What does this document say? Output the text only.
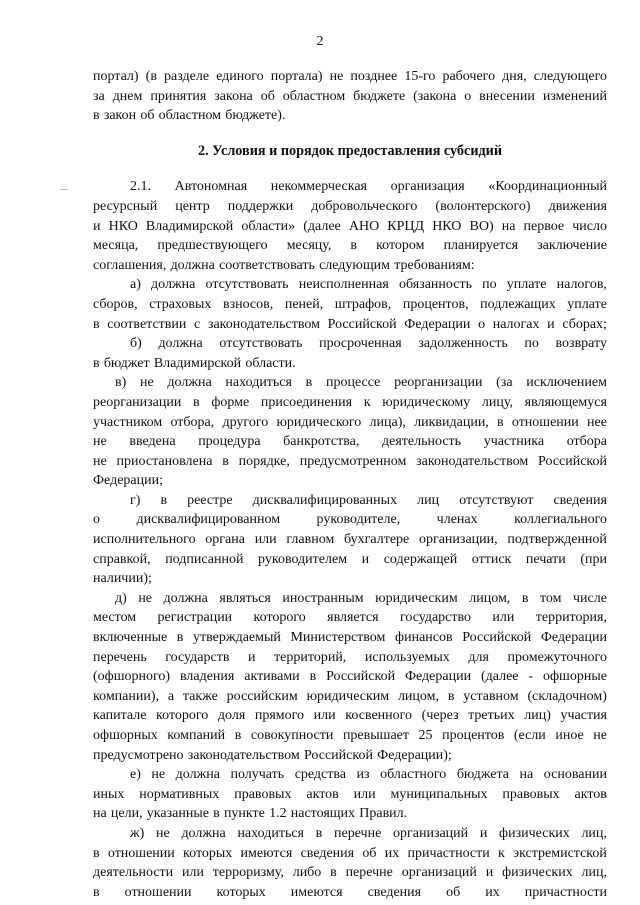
2
портал) (в разделе единого портала) не позднее 15-го рабочего дня, следующего
за днем принятия закона об областном бюджете (закона о внесении изменений
в закон об областном бюджете).
2. Условия и порядок предоставления субсидий
2.1. Автономная некоммерческая организация «Координационный
ресурсный центр поддержки добровольческого (волонтерского) движения
и НКО Владимирской области» (далее АНО КРЦД НКО ВО) на первое число
месяца, предшествующего месяцу, в котором планируется заключение
соглашения, должна соответствовать следующим требованиям:
а) должна отсутствовать неисполненная обязанность по уплате налогов,
сборов, страховых взносов, пеней, штрафов, процентов, подлежащих уплате
в соответствии с законодательством Российской Федерации о налогах и сборах;
б) должна отсутствовать просроченная задолженность по возврату
в бюджет Владимирской области.
в) не должна находиться в процессе реорганизации (за исключением
реорганизации в форме присоединения к юридическому лицу, являющемуся
участником отбора, другого юридического лица), ликвидации, в отношении нее
не введена процедура банкротства, деятельность участника отбора
не приостановлена в порядке, предусмотренном законодательством Российской
Федерации;
г) в реестре дисквалифицированных лиц отсутствуют сведения
о	дисквалифицированном	руководителе,	членах	коллегиального
исполнительного органа или главном бухгалтере организации, подтвержденной
справкой, подписанной руководителем и содержащей оттиск печати (при
наличии);
д) не должна являться иностранным юридическим лицом, в том числе
местом регистрации которого является государство или территория,
включенные в утверждаемый Министерством финансов Российской Федерации
перечень государств и территорий, используемых для промежуточного
(офшорного) владения активами в Российской Федерации (далее - офшорные
компании), а также российским юридическим лицом, в уставном (складочном)
капитале которого доля прямого или косвенного (через третьих лиц) участия
офшорных компаний в совокупности превышает 25 процентов (если иное не
предусмотрено законодательством Российской Федерации);
е) не должна получать средства из областного бюджета на основании
иных нормативных правовых актов или муниципальных правовых актов
на цели, указанные в пункте 1.2 настоящих Правил.
ж) не должна находиться в перечне организаций и физических лиц,
в отношении которых имеются сведения об их причастности к экстремистской
деятельности или терроризму, либо в перечне организаций и физических лиц,
в отношении которых имеются сведения об их причастности
